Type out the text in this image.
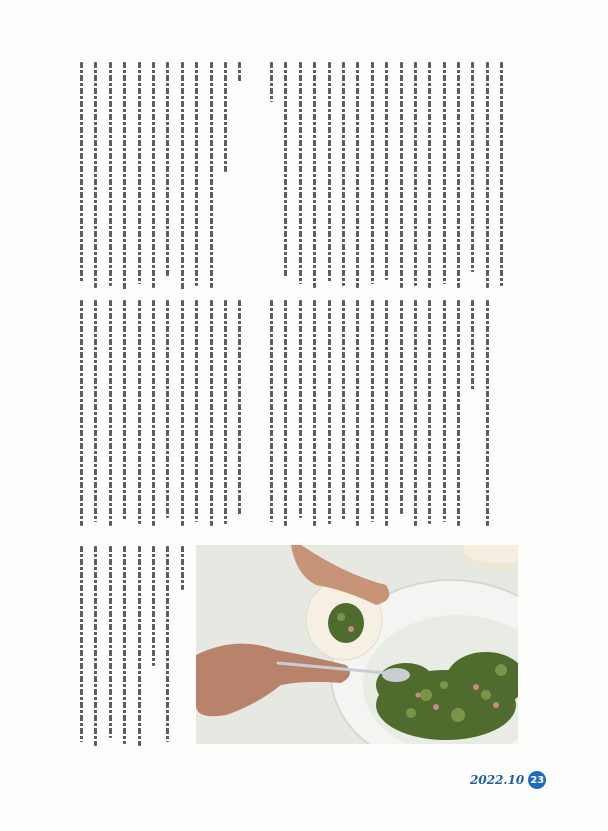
2022.10 23
